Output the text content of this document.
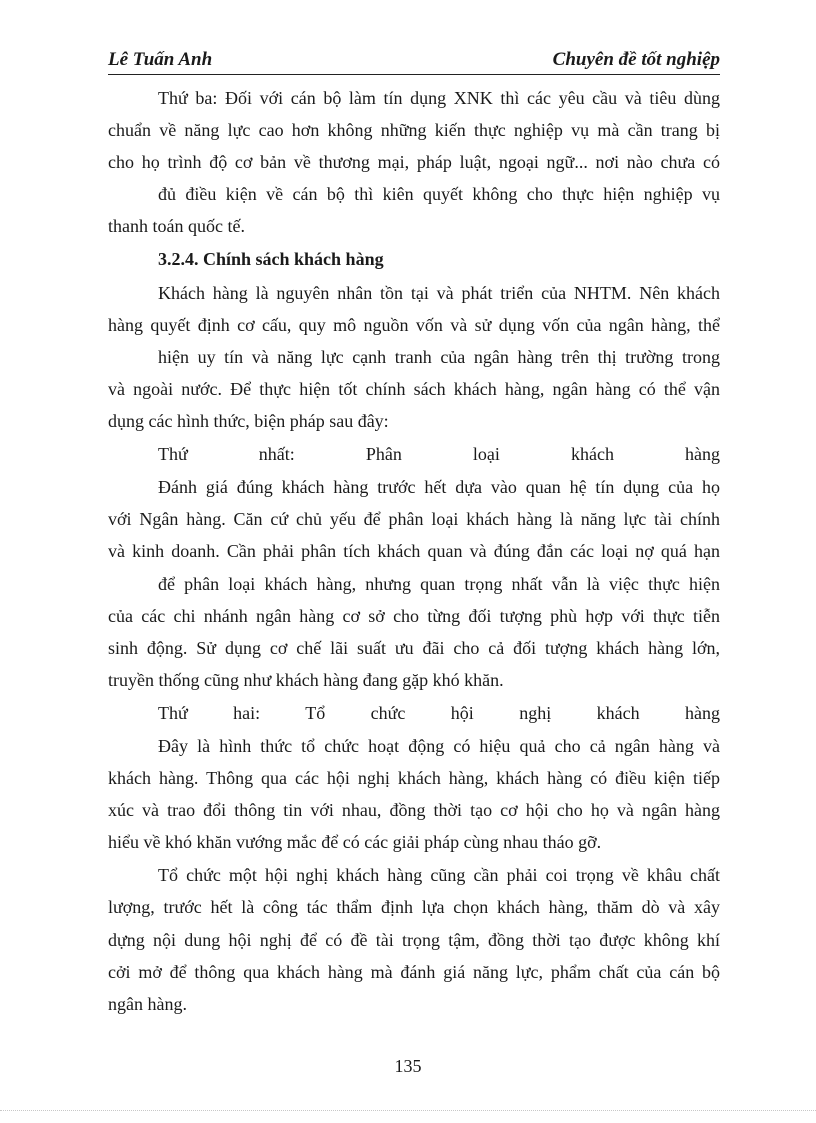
Lê Tuấn Anh	Chuyên đề tốt nghiệp
Thứ ba: Đối với cán bộ làm tín dụng XNK thì các yêu cầu và tiêu dùng
chuẩn về năng lực cao hơn không những kiến thực nghiệp vụ mà cần trang bị
cho họ trình độ cơ bản về thương mại, pháp luật, ngoại ngữ... nơi nào chưa có
đủ điều kiện về cán bộ thì kiên quyết không cho thực hiện nghiệp vụ
thanh toán quốc tế.
3.2.4. Chính sách khách hàng
Khách hàng là nguyên nhân tồn tại và phát triển của NHTM. Nên khách
hàng quyết định cơ cấu, quy mô nguồn vốn và sử dụng vốn của ngân hàng, thể
hiện uy tín và năng lực cạnh tranh của ngân hàng trên thị trường trong
và ngoài nước. Để thực hiện tốt chính sách khách hàng, ngân hàng có thể vận
dụng các hình thức, biện pháp sau đây:
Thứ nhất: Phân loại khách hàng
Đánh giá đúng khách hàng trước hết dựa vào quan hệ tín dụng của họ
với Ngân hàng. Căn cứ chủ yếu để phân loại khách hàng là năng lực tài chính
và kinh doanh. Cần phải phân tích khách quan và đúng đắn các loại nợ quá hạn
để phân loại khách hàng, nhưng quan trọng nhất vẫn là việc thực hiện
của các chi nhánh ngân hàng cơ sở cho từng đối tượng phù hợp với thực tiễn
sinh động. Sử dụng cơ chế lãi suất ưu đãi cho cả đối tượng khách hàng lớn,
truyền thống cũng như khách hàng đang gặp khó khăn.
Thứ hai: Tổ chức hội nghị khách hàng
Đây là hình thức tổ chức hoạt động có hiệu quả cho cả ngân hàng và
khách hàng. Thông qua các hội nghị khách hàng, khách hàng có điều kiện tiếp
xúc và trao đổi thông tin với nhau, đồng thời tạo cơ hội cho họ và ngân hàng
hiểu về khó khăn vướng mắc để có các giải pháp cùng nhau tháo gỡ.
Tổ chức một hội nghị khách hàng cũng cần phải coi trọng về khâu chất
lượng, trước hết là công tác thẩm định lựa chọn khách hàng, thăm dò và xây
dựng nội dung hội nghị để có đề tài trọng tậm, đồng thời tạo được không khí
cởi mở để thông qua khách hàng mà đánh giá năng lực, phẩm chất của cán bộ
ngân hàng.
135
